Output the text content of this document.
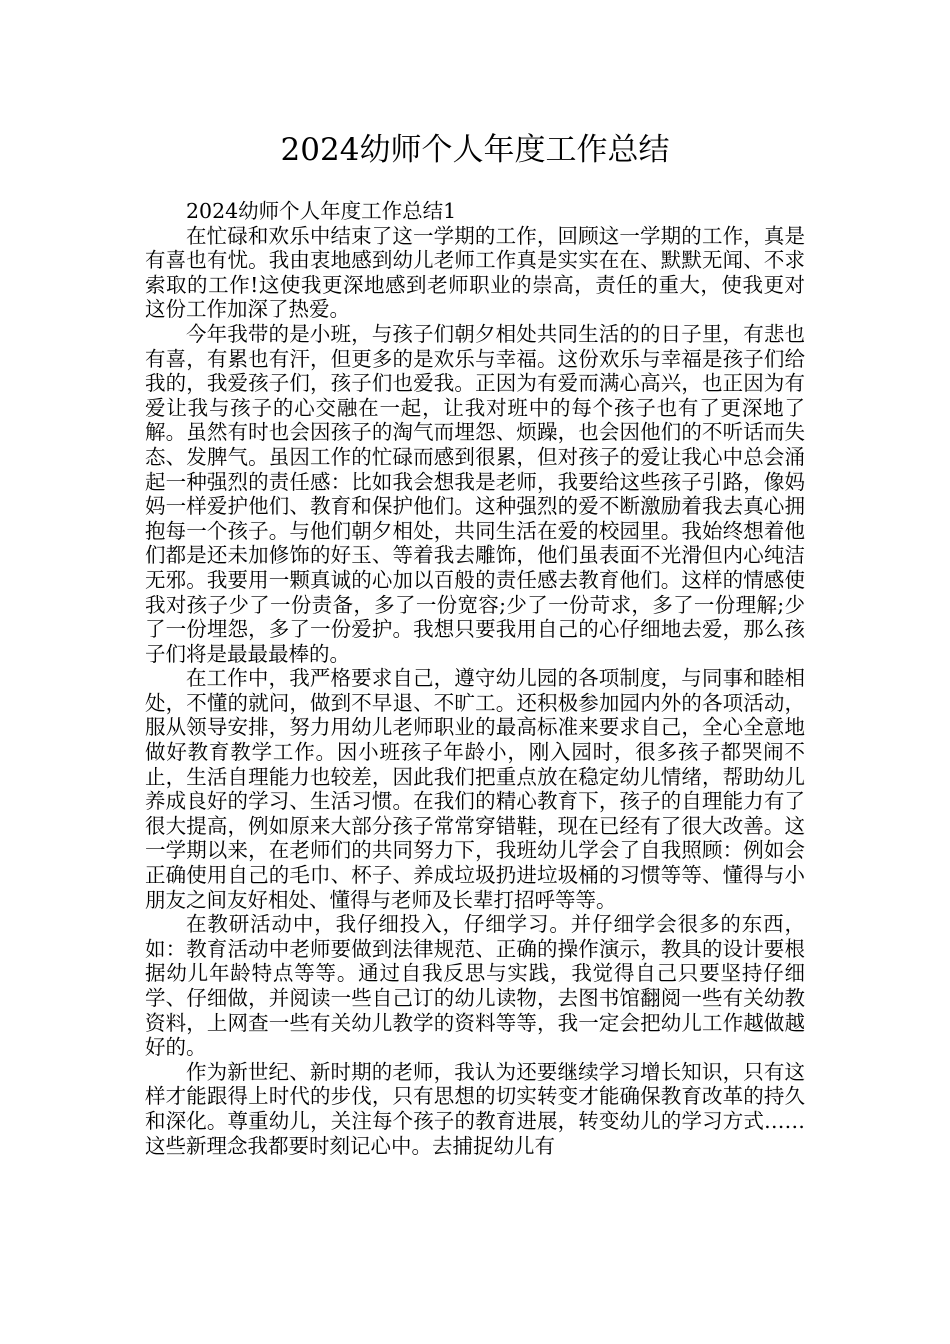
2024幼师个人年度工作总结

2024幼师个人年度工作总结1

在忙碌和欢乐中结束了这一学期的工作，回顾这一学期的工作，真是有喜也有忧。我由衷地感到幼儿老师工作真是实实在在、默默无闻、不求索取的工作!这使我更深地感到老师职业的崇高，责任的重大，使我更对这份工作加深了热爱。

今年我带的是小班，与孩子们朝夕相处共同生活的的日子里，有悲也有喜，有累也有汗，但更多的是欢乐与幸福。这份欢乐与幸福是孩子们给我的，我爱孩子们，孩子们也爱我。正因为有爱而满心高兴，也正因为有爱让我与孩子的心交融在一起，让我对班中的每个孩子也有了更深地了解。虽然有时也会因孩子的淘气而埋怨、烦躁，也会因他们的不听话而失态、发脾气。虽因工作的忙碌而感到很累，但对孩子的爱让我心中总会涌起一种强烈的责任感：比如我会想我是老师，我要给这些孩子引路，像妈妈一样爱护他们、教育和保护他们。这种强烈的爱不断激励着我去真心拥抱每一个孩子。与他们朝夕相处，共同生活在爱的校园里。我始终想着他们都是还未加修饰的好玉、等着我去雕饰，他们虽表面不光滑但内心纯洁无邪。我要用一颗真诚的心加以百般的责任感去教育他们。这样的情感使我对孩子少了一份责备，多了一份宽容;少了一份苛求，多了一份理解;少了一份埋怨，多了一份爱护。我想只要我用自己的心仔细地去爱，那么孩子们将是最最最棒的。

在工作中，我严格要求自己，遵守幼儿园的各项制度，与同事和睦相处，不懂的就问，做到不早退、不旷工。还积极参加园内外的各项活动，服从领导安排，努力用幼儿老师职业的最高标准来要求自己，全心全意地做好教育教学工作。因小班孩子年龄小，刚入园时，很多孩子都哭闹不止，生活自理能力也较差，因此我们把重点放在稳定幼儿情绪，帮助幼儿养成良好的学习、生活习惯。在我们的精心教育下，孩子的自理能力有了很大提高，例如原来大部分孩子常常穿错鞋，现在已经有了很大改善。这一学期以来，在老师们的共同努力下，我班幼儿学会了自我照顾：例如会正确使用自己的毛巾、杯子、养成垃圾扔进垃圾桶的习惯等等、懂得与小朋友之间友好相处、懂得与老师及长辈打招呼等等。

在教研活动中，我仔细投入，仔细学习。并仔细学会很多的东西，如：教育活动中老师要做到法律规范、正确的操作演示，教具的设计要根据幼儿年龄特点等等。通过自我反思与实践，我觉得自己只要坚持仔细学、仔细做，并阅读一些自己订的幼儿读物，去图书馆翻阅一些有关幼教资料，上网查一些有关幼儿教学的资料等等，我一定会把幼儿工作越做越好的。

作为新世纪、新时期的老师，我认为还要继续学习增长知识，只有这样才能跟得上时代的步伐，只有思想的切实转变才能确保教育改革的持久和深化。尊重幼儿，关注每个孩子的教育进展，转变幼儿的学习方式……这些新理念我都要时刻记心中。去捕捉幼儿有
